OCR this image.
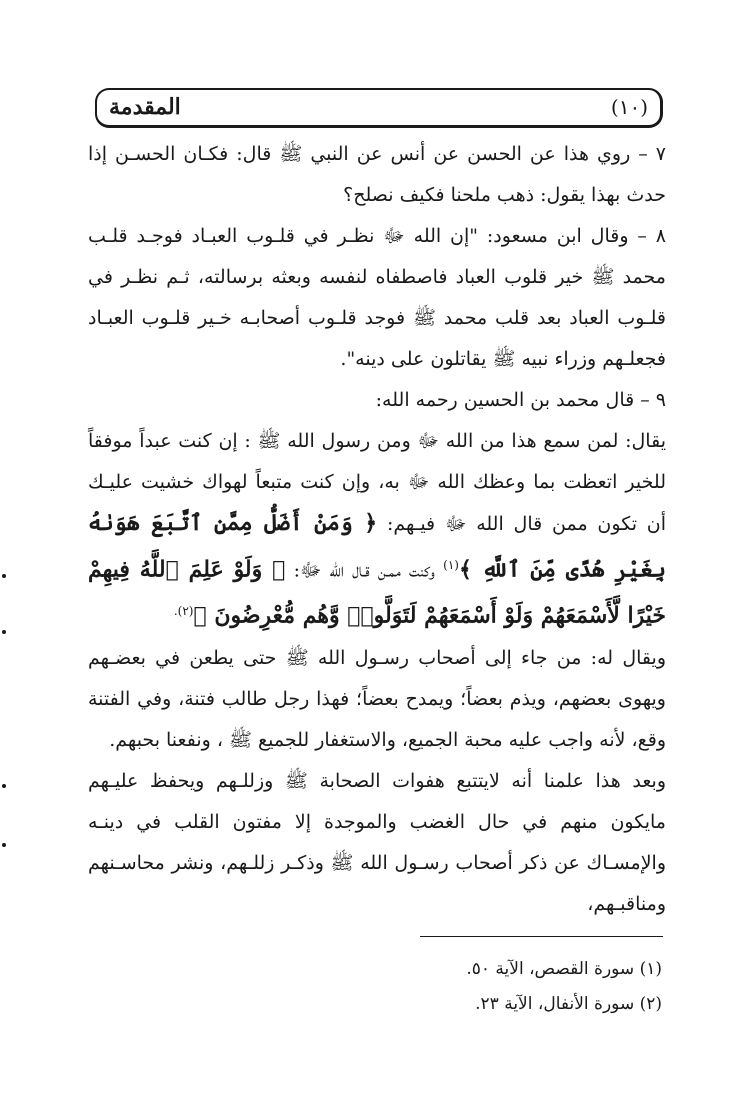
المقدمة	(١٠)

٧ – روي هذا عن الحسن عن أنس عن النبي ﷺ قال: فكـان الحسـن إذا حدث بهذا يقول: ذهب ملحنا فكيف نصلح؟

٨ – وقال ابن مسعود: "إن الله ﷻ نظـر في قلـوب العبـاد فوجـد قلـب محمد ﷺ خير قلوب العباد فاصطفاه لنفسه وبعثه برسالته، ثـم نظـر في قلـوب العباد بعد قلب محمد ﷺ فوجد قلـوب أصحابـه خـير قلـوب العبـاد فجعلـهم وزراء نبيه ﷺ يقاتلون على دينه".

٩ – قال محمد بن الحسين رحمه الله:

يقال: لمن سمع هذا من الله ﷻ ومن رسول الله ﷺ : إن كنت عبداً موفقاً للخير اتعظت بما وعظك الله ﷻ به، وإن كنت متبعاً لهواك خشيت عليـك أن تكون ممن قال الله ﷻ فيـهم: ﴿ وَمَنْ أَضَلُّ مِمَّنِ ٱتَّبَعَ هَوَىٰهُ بِغَيْرِ هُدًى مِّنَ ٱللَّهِ ﴾$^{(١)}$ وكنت ممـن قـال الله ﷻ: ﴿ وَلَوْ عَلِمَ ٱللَّهُ فِيهِمْ خَيْرًا لَّأَسْمَعَهُمْ وَلَوْ أَسْمَعَهُمْ لَتَوَلَّوا۟ وَّهُم مُّعْرِضُونَ ﴾$^{(٢).}$

ويقال له: من جاء إلى أصحاب رسـول الله ﷺ حتى يطعن في بعضـهم ويهوى بعضهم، ويذم بعضاً؛ ويمدح بعضاً؛ فهذا رجل طالب فتنة، وفي الفتنة وقع، لأنه واجب عليه محبة الجميع، والاستغفار للجميع ﷺ ، ونفعنا بحبهم.

وبعد هذا علمنا أنه لايتتبع هفوات الصحابة ﷺ وزللـهم ويحفظ عليـهم مايكون منهم في حال الغضب والموجدة إلا مفتون القلب في دينـه والإمسـاك عن ذكر أصحاب رسـول الله ﷺ وذكـر زللـهم، ونشر محاسـنهم ومناقبـهم،

(١) سورة القصص، الآية ٥٠.
(٢) سورة الأنفال، الآية ٢٣.
